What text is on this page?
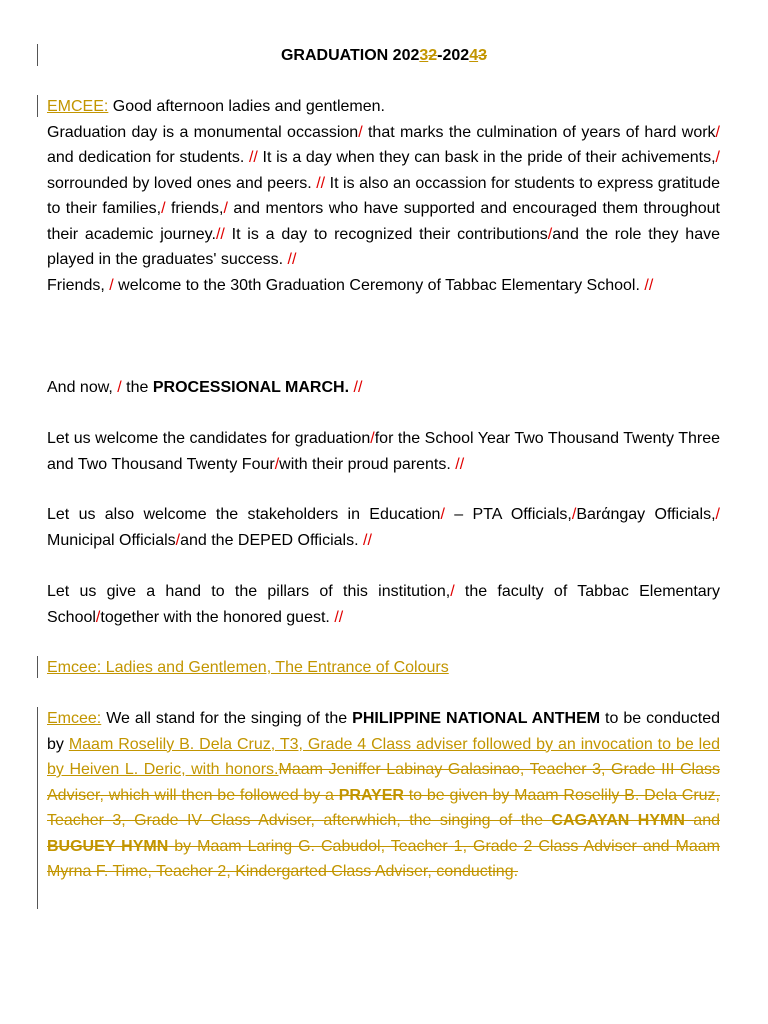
GRADUATION 20232-20243
EMCEE: Good afternoon ladies and gentlemen.
Graduation day is a monumental occassion/ that marks the culmination of years of hard work/ and dedication for students. // It is a day when they can bask in the pride of their achivements,/ sorrounded by loved ones and peers. // It is also an occassion for students to express gratitude to their families,/ friends,/ and mentors who have supported and encouraged them throughout their academic journey.// It is a day to recognized their contributions/and the role they have played in the graduates' success. //
Friends, / welcome to the 30th Graduation Ceremony of Tabbac Elementary School. //
And now, / the PROCESSIONAL MARCH. //
Let us welcome the candidates for graduation/for the School Year Two Thousand Twenty Three and Two Thousand Twenty Four/with their proud parents. //
Let us also welcome the stakeholders in Education/ – PTA Officials,/Barάngay Officials,/ Municipal Officials/and the DEPED Officials. //
Let us give a hand to the pillars of this institution,/ the faculty of Tabbac Elementary School/together with the honored guest. //
Emcee: Ladies and Gentlemen, The Entrance of Colours
Emcee: We all stand for the singing of the PHILIPPINE NATIONAL ANTHEM to be conducted by Maam Roselily B. Dela Cruz, T3, Grade 4 Class adviser followed by an invocation to be led by Heiven L. Deric, with honors.Maam Jeniffer Labinay Galasinao, Teacher 3, Grade III Class Adviser, which will then be followed by a PRAYER to be given by Maam Roselily B. Dela Cruz, Teacher 3, Grade IV Class Adviser, afterwhich, the singing of the CAGAYAN HYMN and BUGUEY HYMN by Maam Laring G. Cabudol, Teacher 1, Grade 2 Class Adviser and Maam Myrna F. Time, Teacher 2, Kindergarted Class Adviser, conducting.
